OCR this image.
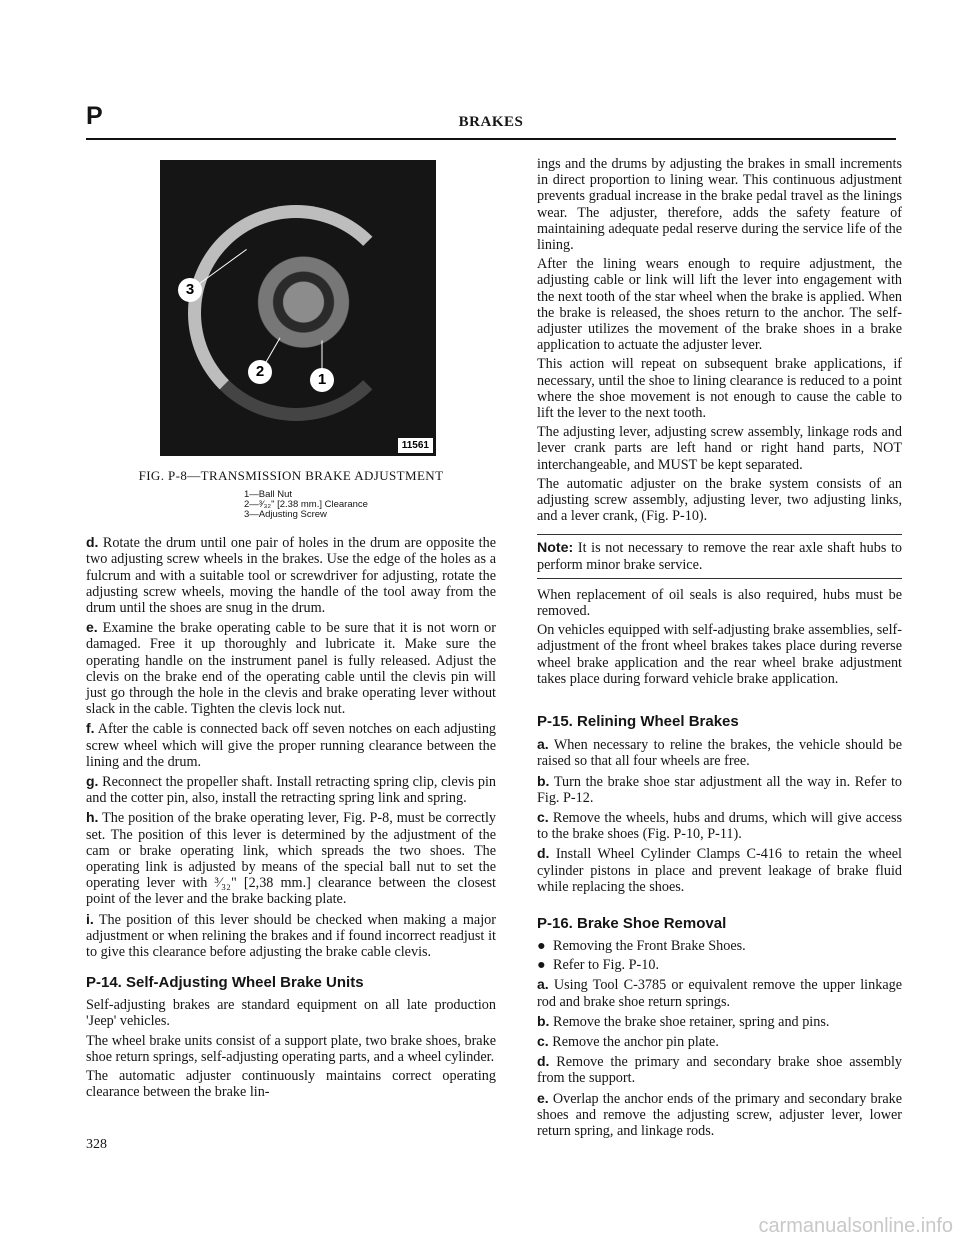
P	BRAKES
3
2	1
11561
FIG. P-8—TRANSMISSION BRAKE ADJUSTMENT
1—Ball Nut
2—³⁄₃₂" [2.38 mm.] Clearance
3—Adjusting Screw

d. Rotate the drum until one pair of holes in the drum are opposite the two adjusting screw wheels in the brakes. Use the edge of the holes as a fulcrum and with a suitable tool or screwdriver for adjusting, rotate the adjusting screw wheels, moving the handle of the tool away from the drum until the shoes are snug in the drum.

e. Examine the brake operating cable to be sure that it is not worn or damaged. Free it up thoroughly and lubricate it. Make sure the operating handle on the instrument panel is fully released. Adjust the clevis on the brake end of the operating cable until the clevis pin will just go through the hole in the clevis and brake operating lever without slack in the cable. Tighten the clevis lock nut.

f. After the cable is connected back off seven notches on each adjusting screw wheel which will give the proper running clearance between the lining and the drum.

g. Reconnect the propeller shaft. Install retracting spring clip, clevis pin and the cotter pin, also, install the retracting spring link and spring.

h. The position of the brake operating lever, Fig. P-8, must be correctly set. The position of this lever is determined by the adjustment of the cam or brake operating link, which spreads the two shoes. The operating link is adjusted by means of the special ball nut to set the operating lever with ³⁄₃₂" [2,38 mm.] clearance between the closest point of the lever and the brake backing plate.

i. The position of this lever should be checked when making a major adjustment or when relining the brakes and if found incorrect readjust it to give this clearance before adjusting the brake cable clevis.

P-14. Self-Adjusting Wheel Brake Units

Self-adjusting brakes are standard equipment on all late production 'Jeep' vehicles.

The wheel brake units consist of a support plate, two brake shoes, brake shoe return springs, self-adjusting operating parts, and a wheel cylinder.

The automatic adjuster continuously maintains correct operating clearance between the brake lin-

ings and the drums by adjusting the brakes in small increments in direct proportion to lining wear. This continuous adjustment prevents gradual increase in the brake pedal travel as the linings wear. The adjuster, therefore, adds the safety feature of maintaining adequate pedal reserve during the service life of the lining.

After the lining wears enough to require adjustment, the adjusting cable or link will lift the lever into engagement with the next tooth of the star wheel when the brake is applied. When the brake is released, the shoes return to the anchor. The self-adjuster utilizes the movement of the brake shoes in a brake application to actuate the adjuster lever.

This action will repeat on subsequent brake applications, if necessary, until the shoe to lining clearance is reduced to a point where the shoe movement is not enough to cause the cable to lift the lever to the next tooth.

The adjusting lever, adjusting screw assembly, linkage rods and lever crank parts are left hand or right hand parts, NOT interchangeable, and MUST be kept separated.

The automatic adjuster on the brake system consists of an adjusting screw assembly, adjusting lever, two adjusting links, and a lever crank, (Fig. P-10).

Note: It is not necessary to remove the rear axle shaft hubs to perform minor brake service.

When replacement of oil seals is also required, hubs must be removed.

On vehicles equipped with self-adjusting brake assemblies, self-adjustment of the front wheel brakes takes place during reverse wheel brake application and the rear wheel brake adjustment takes place during forward vehicle brake application.

P-15. Relining Wheel Brakes

a. When necessary to reline the brakes, the vehicle should be raised so that all four wheels are free.

b. Turn the brake shoe star adjustment all the way in. Refer to Fig. P-12.

c. Remove the wheels, hubs and drums, which will give access to the brake shoes (Fig. P-10, P-11).

d. Install Wheel Cylinder Clamps C-416 to retain the wheel cylinder pistons in place and prevent leakage of brake fluid while replacing the shoes.

P-16. Brake Shoe Removal

● Removing the Front Brake Shoes.

● Refer to Fig. P-10.

a. Using Tool C-3785 or equivalent remove the upper linkage rod and brake shoe return springs.

b. Remove the brake shoe retainer, spring and pins.

c. Remove the anchor pin plate.

d. Remove the primary and secondary brake shoe assembly from the support.

e. Overlap the anchor ends of the primary and secondary brake shoes and remove the adjusting screw, adjuster lever, lower return spring, and linkage rods.

328
carmanualsonline.info
